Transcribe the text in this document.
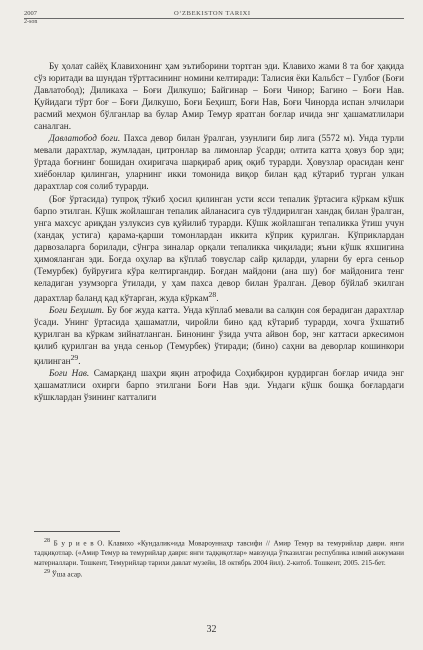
2007	O‘ZBEKISTON TARIXI
2-son

Бу ҳолат сайёҳ Клавихонинг ҳам эътиборини тортган эди. Клавихо жами 8 та боғ ҳақида сўз юритади ва шундан тўрттасининг номини келтиради: Талисия ёки Кальбст – Гулбоғ (Боғи Давлатобод); Диликаха – Боғи Дилкушо; Байгинар – Боғи Чинор; Багино – Боғи Нав. Қуйидаги тўрт боғ – Боғи Дилкушо, Боғи Беҳишт, Боғи Нав, Боғи Чинорда испан элчилари расмий меҳмон бўлганлар ва булар Амир Темур яратган боғлар ичида энг ҳашаматлилари саналган.

Давлатобод боғи. Пахса девор билан ўралган, узунлиги бир лига (5572 м). Унда турли мевали дарахтлар, жумладан, цитронлар ва лимонлар ўсарди; олтита катта ҳовуз бор эди; ўртада боғнинг бошидан охиригача шарқираб ариқ оқиб турарди. Ҳовузлар орасидан кенг хиёбонлар қилинган, уларнинг икки томонида виқор билан қад кўтариб турган улкан дарахтлар соя солиб турарди.

(Боғ ўртасида) тупроқ тўкиб ҳосил қилинган усти ясси тепалик ўртасига кўркам кўшк барпо этилган. Кўшк жойлашган тепалик айланасига сув тўлдирилган хандақ билан ўралган, унга махсус ариқдан узлуксиз сув қуйилиб турарди. Кўшк жойлашган тепаликка ўтиш учун (хандақ устига) қарама-қарши томонлардан иккита кўприк қурилган. Кўприклардан дарвозаларга борилади, сўнгра зиналар орқали тепаликка чиқилади; яъни кўшк яхшигина ҳимояланган эди. Боғда оҳулар ва кўплаб товуслар сайр қиларди, уларни бу ерга сеньор (Темурбек) буйруғига кўра келтиргандир. Боғдан майдони (ана шу) боғ майдонига тенг келадиган узумзорга ўтилади, у ҳам пахса девор билан ўралган. Девор бўйлаб экилган дарахтлар баланд қад кўтарган, жуда кўркам$^{28}$.

Боғи Беҳишт. Бу боғ жуда катта. Унда кўплаб мевали ва салқин соя берадиган дарахтлар ўсади. Унинг ўртасида ҳашаматли, чиройли бино қад кўтариб турарди, хочга ўхшатиб қурилган ва кўркам зийнатланган. Бинонинг ўзида учта айвон бор, энг каттаси аркесимон қилиб қурилган ва унда сеньор (Темурбек) ўтиради; (бино) саҳни ва деворлар кошинкори қилинган$^{29}$.

Боғи Нав. Самарқанд шаҳри яқин атрофида Соҳибқирон қурдирган боғлар ичида энг ҳашаматлиси охирги барпо этилгани Боғи Нав эди. Ундаги кўшк бошқа боғлардаги кўшклардан ўзининг катталиги

$^{28}$ Б у р и е в О. Клавихо «Кундалик»ида Мовароуннаҳр тавсифи // Амир Темур ва темурийлар даври. янги тадқиқотлар. («Амир Темур ва темурийлар даври: янги тадқиқотлар» мавзуида ўтказилган республика илмий анжумани материаллари. Тошкент, Темурийлар тарихи давлат музейи, 18 октябрь 2004 йил). 2-китоб. Тошкент, 2005. 215-бет.

$^{29}$ Ўша асар.

32
